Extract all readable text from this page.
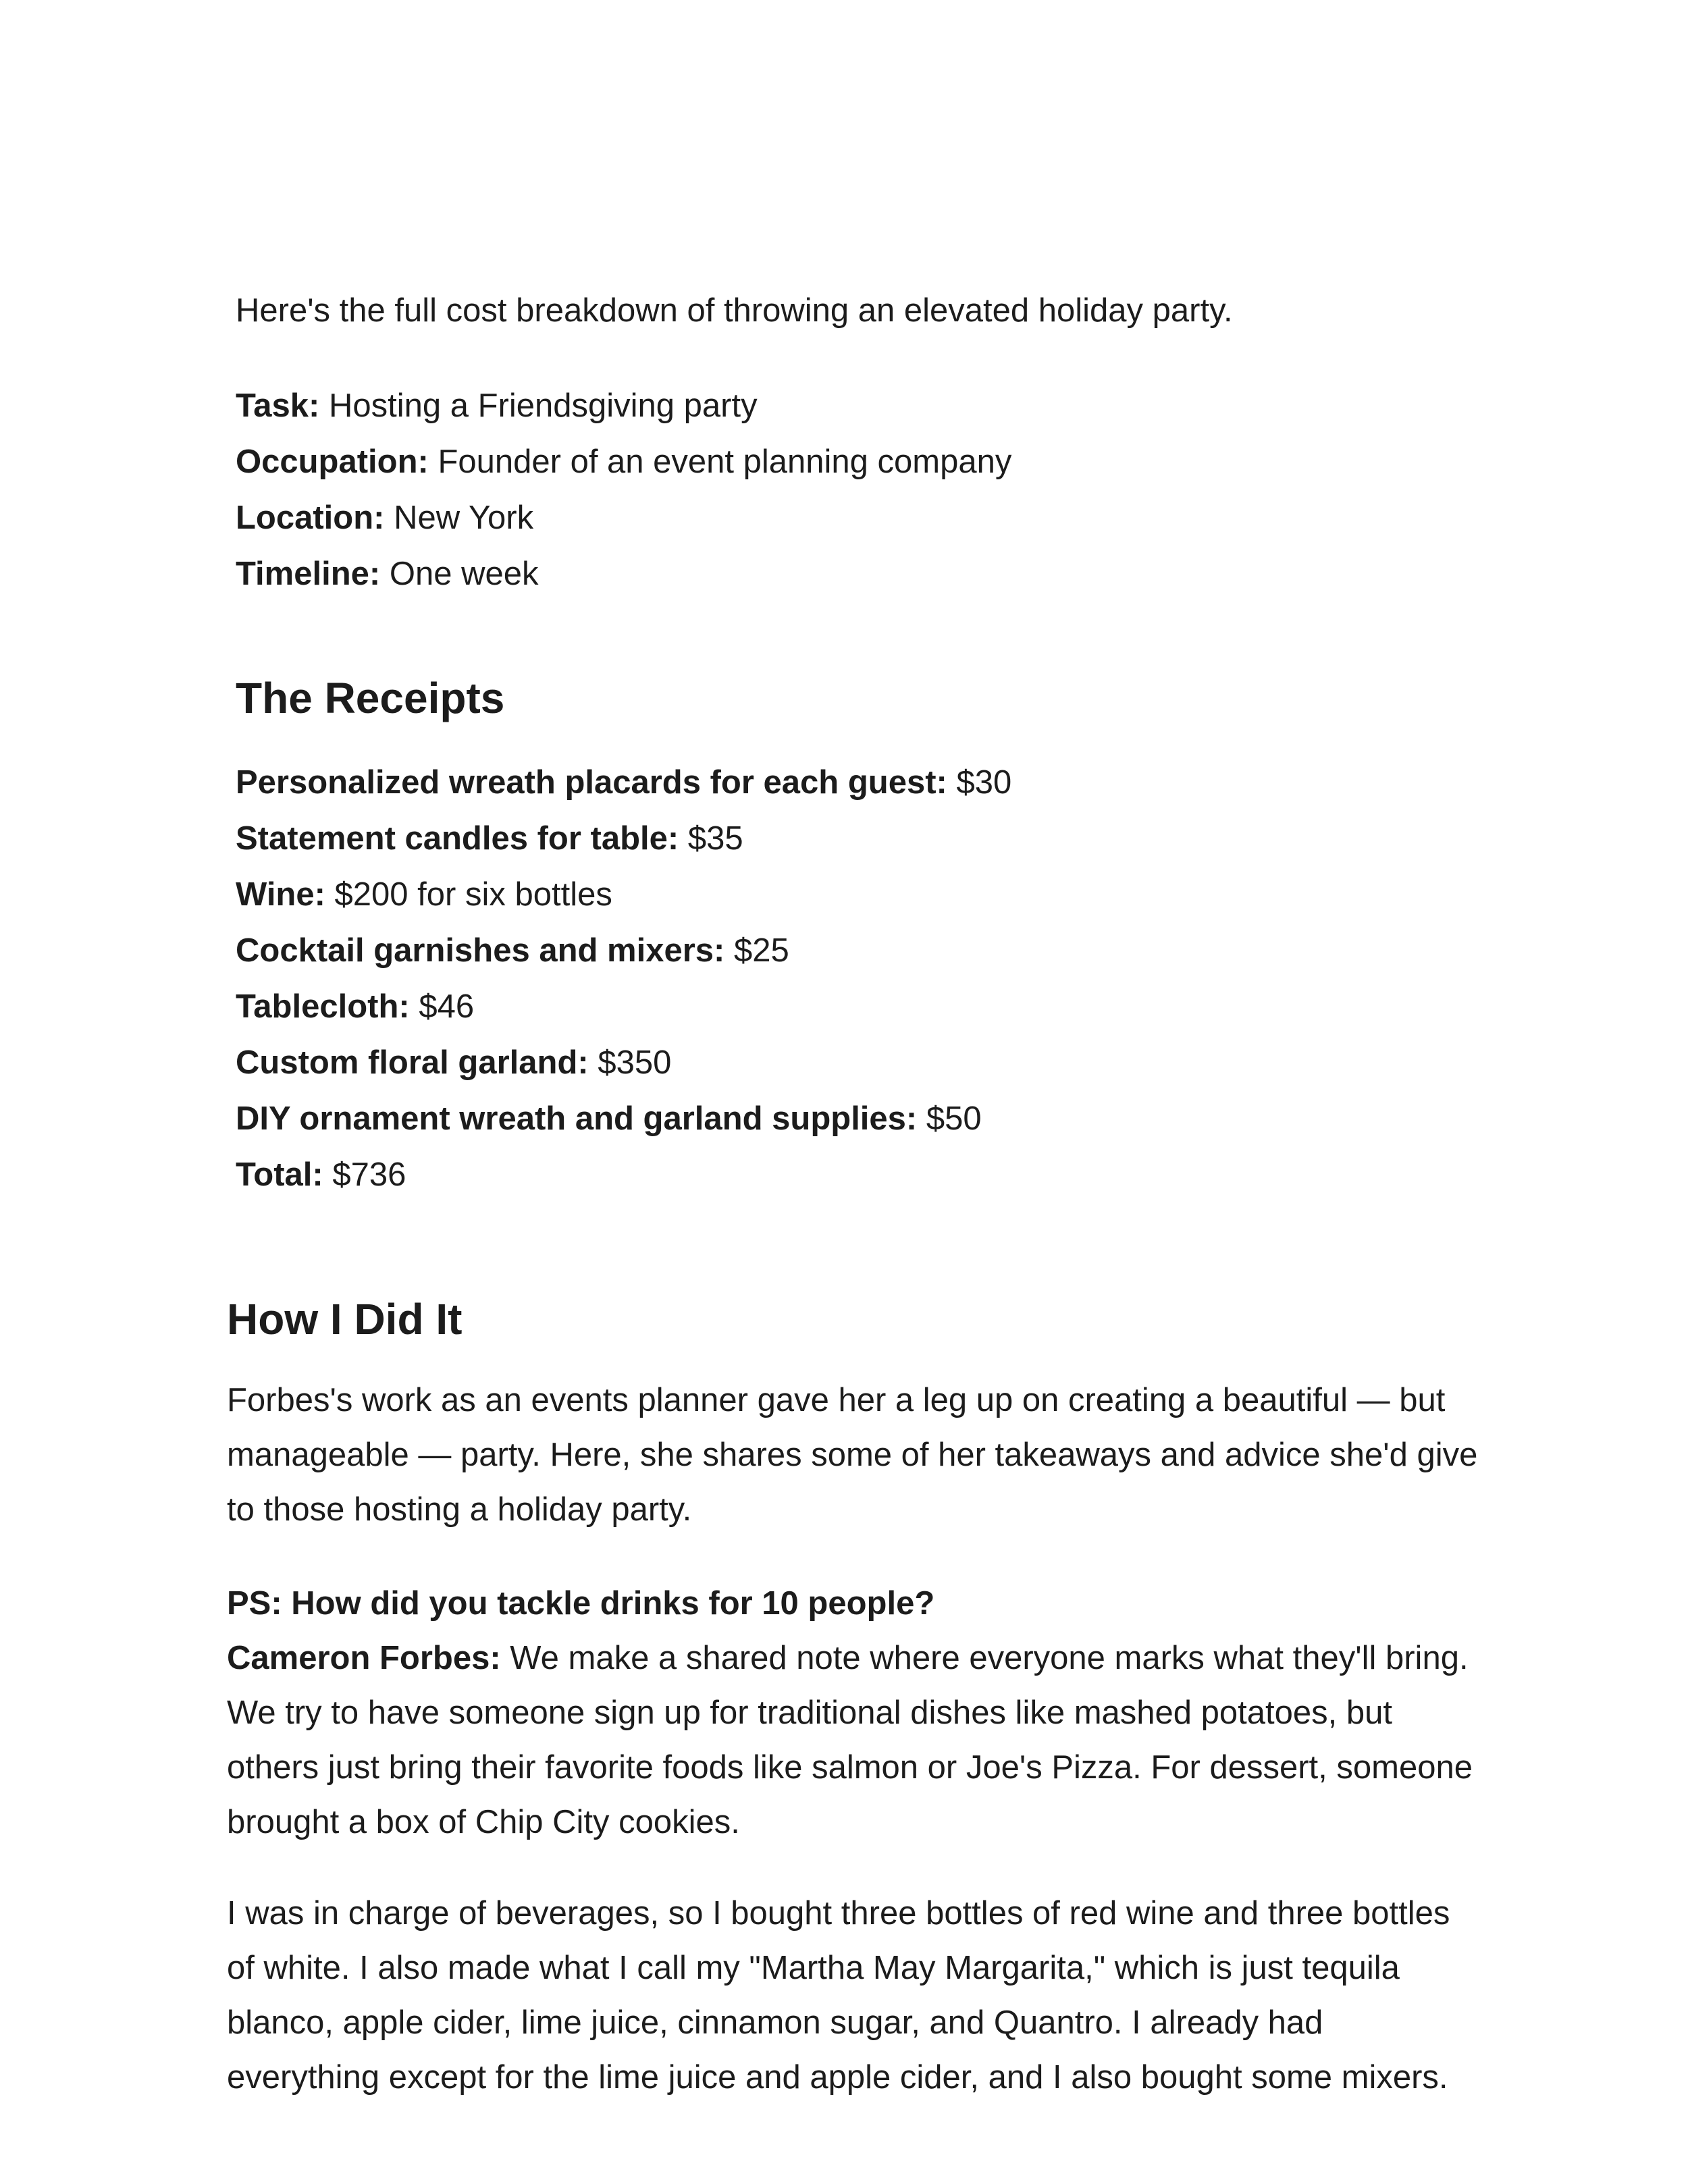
Here's the full cost breakdown of throwing an elevated holiday party.

Task: Hosting a Friendsgiving party
Occupation: Founder of an event planning company
Location: New York
Timeline: One week
The Receipts
Personalized wreath placards for each guest: $30
Statement candles for table: $35
Wine: $200 for six bottles
Cocktail garnishes and mixers: $25
Tablecloth: $46
Custom floral garland: $350
DIY ornament wreath and garland supplies: $50
Total: $736
How I Did It

Forbes's work as an events planner gave her a leg up on creating a beautiful — but manageable — party. Here, she shares some of her takeaways and advice she'd give to those hosting a holiday party.

PS: How did you tackle drinks for 10 people?
Cameron Forbes: We make a shared note where everyone marks what they'll bring. We try to have someone sign up for traditional dishes like mashed potatoes, but others just bring their favorite foods like salmon or Joe's Pizza. For dessert, someone brought a box of Chip City cookies.

I was in charge of beverages, so I bought three bottles of red wine and three bottles of white. I also made what I call my "Martha May Margarita," which is just tequila blanco, apple cider, lime juice, cinnamon sugar, and Quantro. I already had everything except for the lime juice and apple cider, and I also bought some mixers.
